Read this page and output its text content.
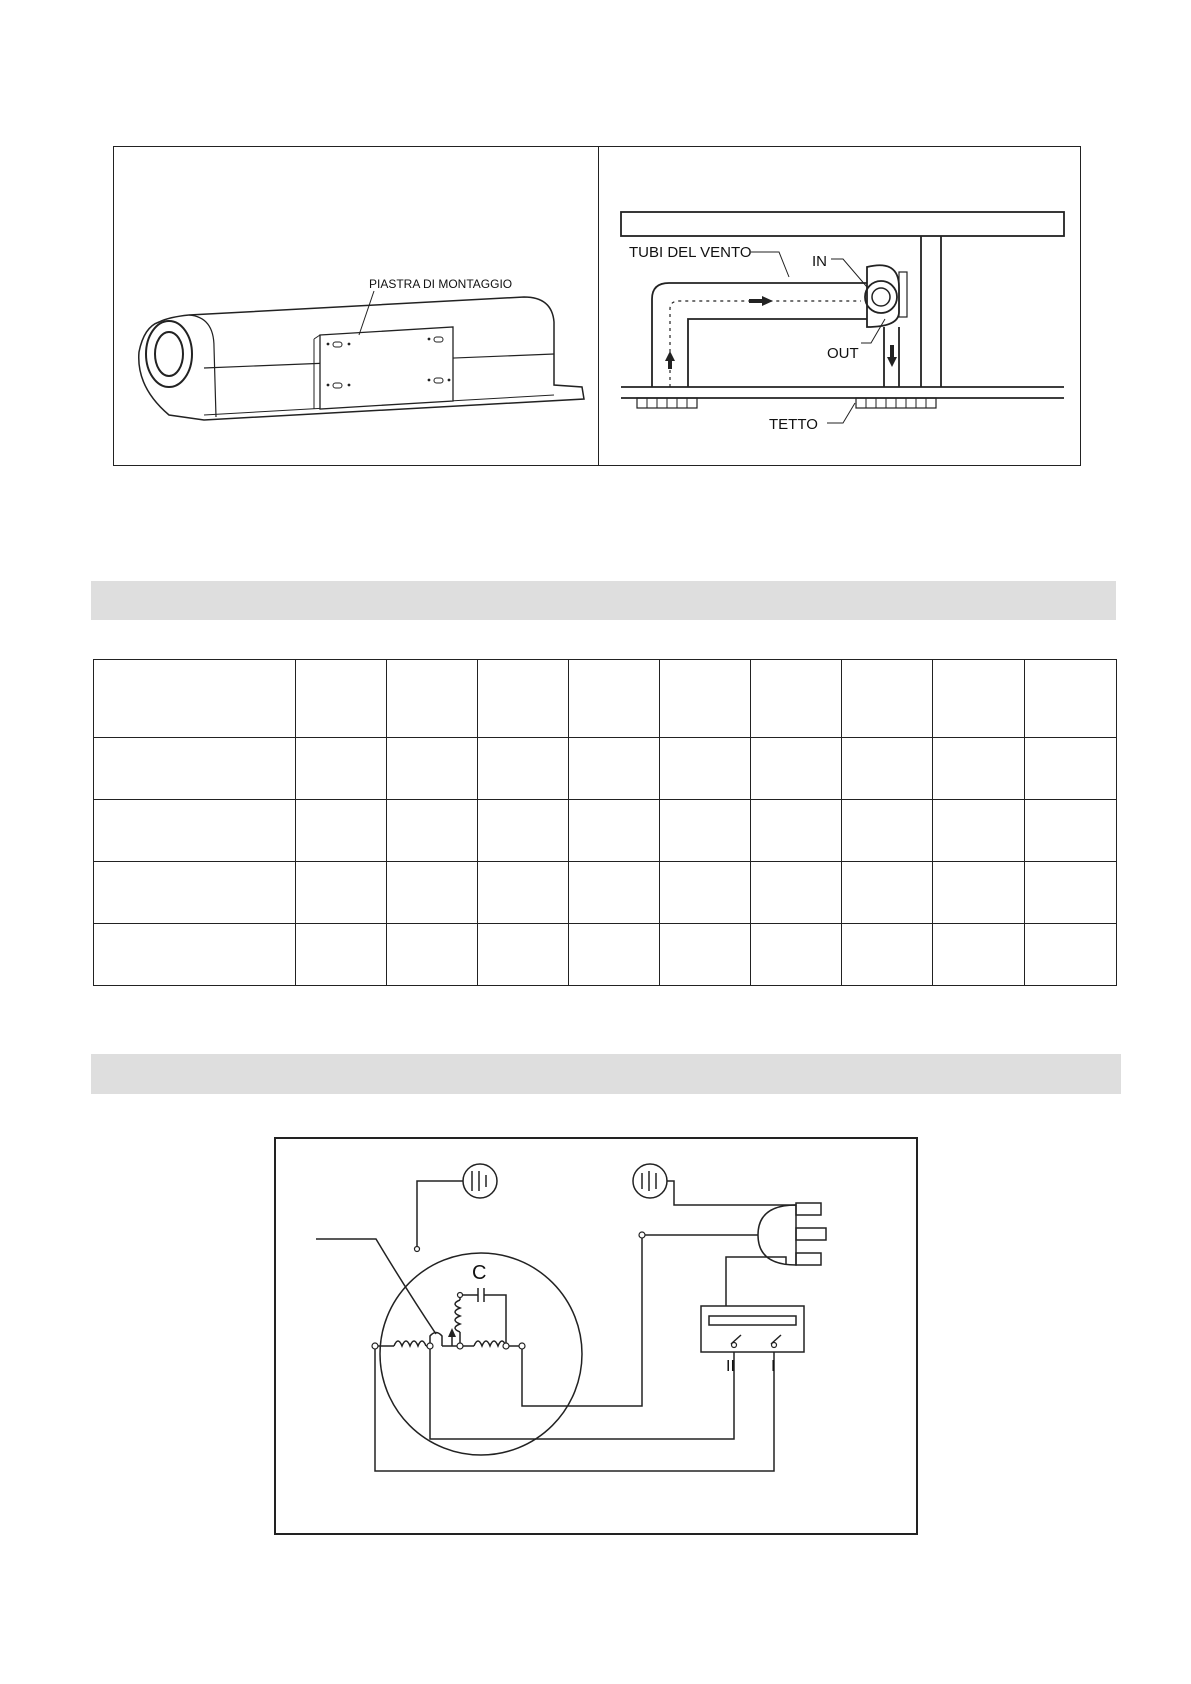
PIASTRA DI MONTAGGIO
TUBI DEL VENTO
IN
OUT
TETTO

C
II I
